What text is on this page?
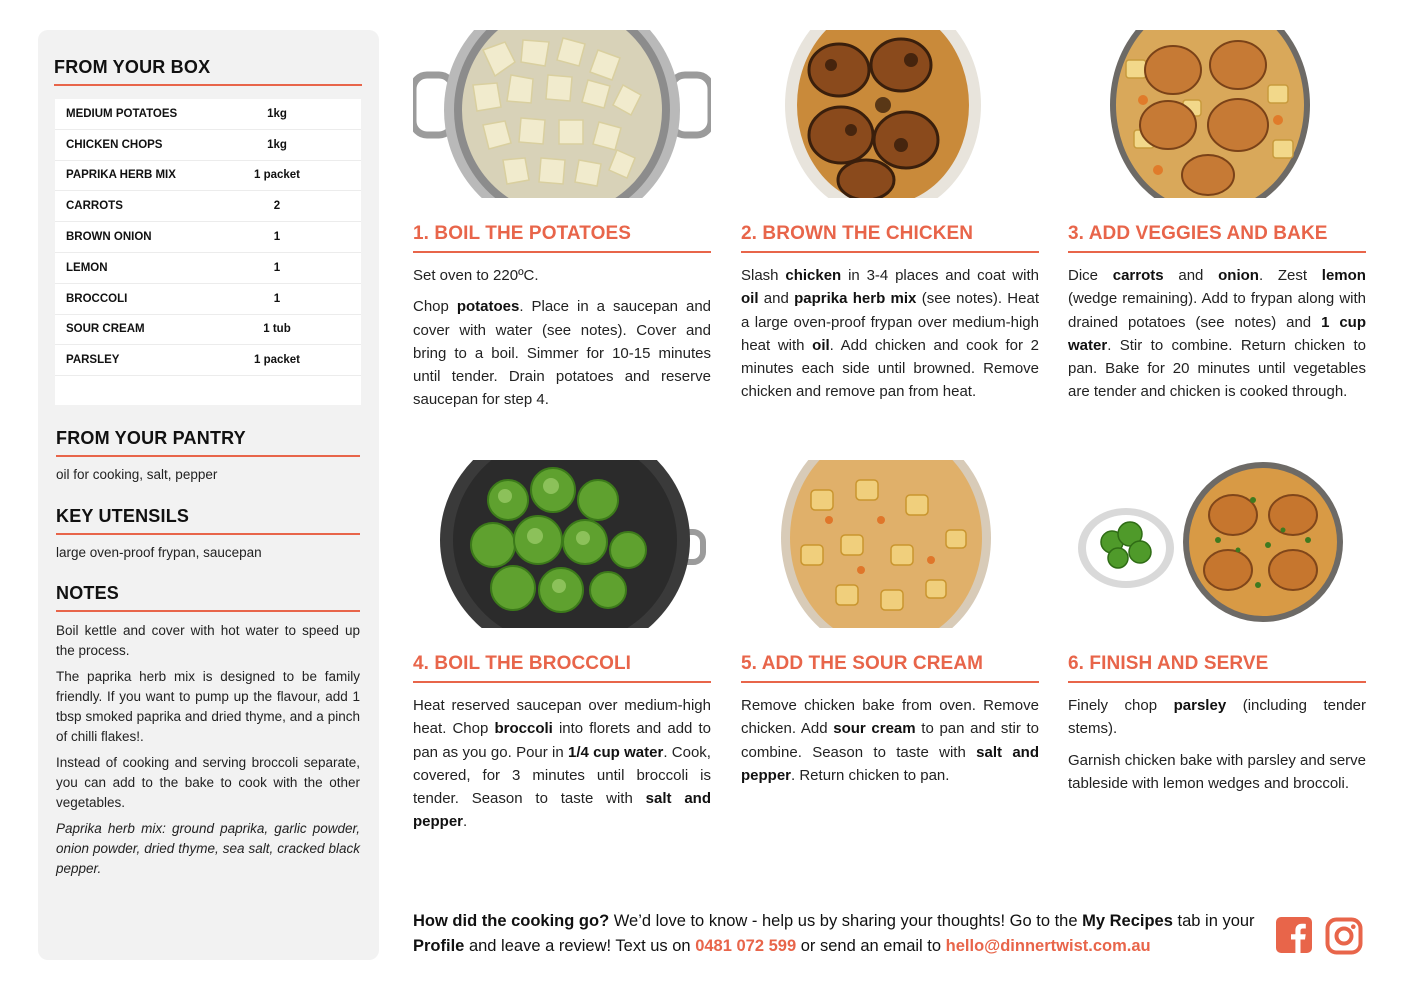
FROM YOUR BOX
MEDIUM POTATOES	1kg
CHICKEN CHOPS	1kg
PAPRIKA HERB MIX	1 packet
CARROTS	2
BROWN ONION	1
LEMON	1
BROCCOLI	1
SOUR CREAM	1 tub
PARSLEY	1 packet
FROM YOUR PANTRY

oil for cooking, salt, pepper

KEY UTENSILS

large oven-proof frypan, saucepan

NOTES

Boil kettle and cover with hot water to speed up the process.

The paprika herb mix is designed to be family friendly. If you want to pump up the flavour, add 1 tbsp smoked paprika and dried thyme, and a pinch of chilli flakes!.

Instead of cooking and serving broccoli separate, you can add to the bake to cook with the other vegetables.

Paprika herb mix: ground paprika, garlic powder, onion powder, dried thyme, sea salt, cracked black pepper.

1. BOIL THE POTATOES

Set oven to 220ºC.

Chop potatoes. Place in a saucepan and cover with water (see notes). Cover and bring to a boil. Simmer for 10-15 minutes until tender. Drain potatoes and reserve saucepan for step 4.

2. BROWN THE CHICKEN

Slash chicken in 3-4 places and coat with oil and paprika herb mix (see notes). Heat a large oven-proof frypan over medium-high heat with oil. Add chicken and cook for 2 minutes each side until browned. Remove chicken and remove pan from heat.

3. ADD VEGGIES AND BAKE

Dice carrots and onion. Zest lemon (wedge remaining). Add to frypan along with drained potatoes (see notes) and 1 cup water. Stir to combine. Return chicken to pan. Bake for 20 minutes until vegetables are tender and chicken is cooked through.

4. BOIL THE BROCCOLI

Heat reserved saucepan over medium-high heat. Chop broccoli into florets and add to pan as you go. Pour in 1/4 cup water. Cook, covered, for 3 minutes until broccoli is tender. Season to taste with salt and pepper.

5. ADD THE SOUR CREAM

Remove chicken bake from oven. Remove chicken. Add sour cream to pan and stir to combine. Season to taste with salt and pepper. Return chicken to pan.

6. FINISH AND SERVE

Finely chop parsley (including tender stems).

Garnish chicken bake with parsley and serve tableside with lemon wedges and broccoli.

How did the cooking go? We’d love to know - help us by sharing your thoughts! Go to the My Recipes tab in your Profile and leave a review! Text us on 0481 072 599 or send an email to hello@dinnertwist.com.au
